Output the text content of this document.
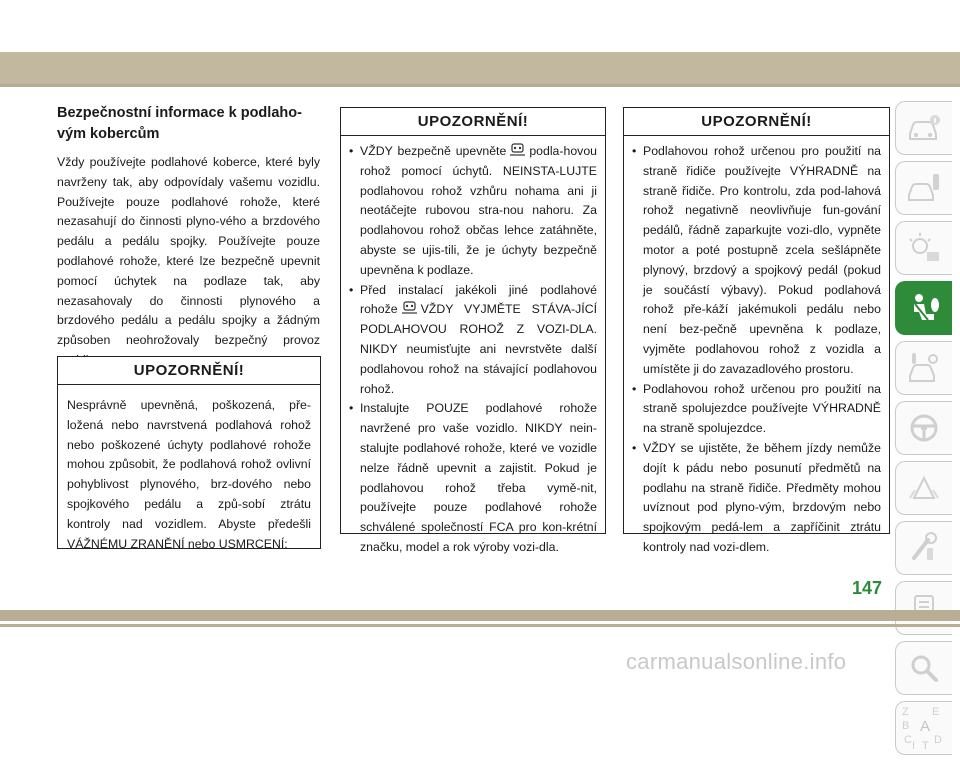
Bezpečnostní informace k podlaho-
vým kobercům

Vždy používejte podlahové koberce, které byly navrženy tak, aby odpovídaly vašemu vozidlu. Používejte pouze podlahové rohože, které nezasahují do činnosti plyno-vého a brzdového pedálu a pedálu spojky. Používejte pouze podlahové rohože, které lze bezpečně upevnit pomocí úchytek na podlaze tak, aby nezasahovaly do činnosti plynového a brzdového pedálu a pedálu spojky a žádným způsoben neohrožovaly bezpečný provoz

UPOZORNĚNÍ!
Nesprávně upevněná, poškozená, pře-ložená nebo navrstvená podlahová rohož nebo poškozené úchyty podlahové rohože mohou způsobit, že podlahová rohož ovlivní pohyblivost plynového, brz-dového nebo spojkového pedálu a způ-sobí ztrátu kontroly nad vozidlem. Abyste předešli VÁŽNÉMU ZRANĚNÍ nebo USMRCENÍ:
UPOZORNĚNÍ!
• VŽDY bezpečně upevněte podla-hovou rohož pomocí úchytů. NEINSTA-LUJTE podlahovou rohož vzhůru nohama ani ji neotáčejte rubovou stra-nou nahoru. Za podlahovou rohož občas lehce zatáhněte, abyste se ujis-tili, že je úchyty bezpečně upevněna k podlaze.
• Před instalací jakékoli jiné podlahové rohože VŽDY VYJMĚTE STÁVA-JÍCÍ PODLAHOVOU ROHOŽ Z VOZI-DLA. NIKDY neumisťujte ani nevrstvěte další podlahovou rohož na stávající podlahovou rohož.
• Instalujte POUZE podlahové rohože navržené pro vaše vozidlo. NIKDY nein-stalujte podlahové rohože, které ve vozidle nelze řádně upevnit a zajistit. Pokud je podlahovou rohož třeba vymě-nit, používejte pouze podlahové rohože schválené společností FCA pro kon-krétní značku, model a rok výroby vozi-dla.
UPOZORNĚNÍ!
• Podlahovou rohož určenou pro použití na straně řidiče používejte VÝHRADNĚ na straně řidiče. Pro kontrolu, zda pod-lahová rohož negativně neovlivňuje fun-gování pedálů, řádně zaparkujte vozi-dlo, vypněte motor a poté postupně zcela sešlápněte plynový, brzdový a spojkový pedál (pokud je součástí výbavy). Pokud podlahová rohož pře-káží jakémukoli pedálu nebo není bez-pečně upevněna k podlaze, vyjměte podlahovou rohož z vozidla a umístěte ji do zavazadlového prostoru.
• Podlahovou rohož určenou pro použití na straně spolujezdce používejte VÝHRADNĚ na straně spolujezdce.
• VŽDY se ujistěte, že během jízdy nemůže dojít k pádu nebo posunutí předmětů na podlahu na straně řidiče. Předměty mohou uvíznout pod plyno-vým, brzdovým nebo spojkovým pedá-lem a zapříčinit ztrátu kontroly nad vozi-dlem.
Z E
B A
C D
I T
147
carmanualsonline.info
